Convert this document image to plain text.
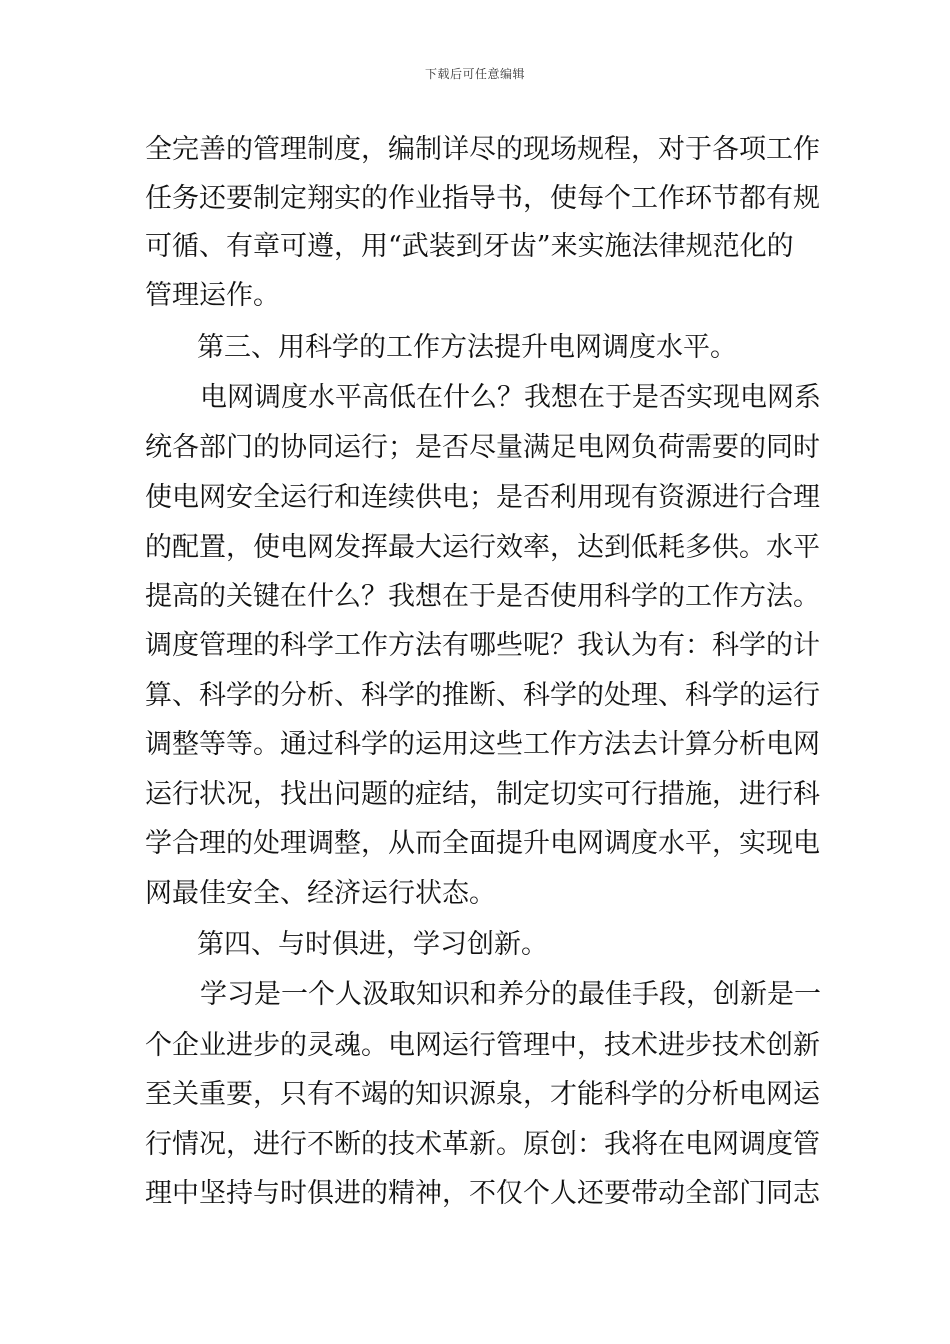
下载后可任意编辑
全完善的管理制度，编制详尽的现场规程，对于各项工作
任务还要制定翔实的作业指导书，使每个工作环节都有规
可循、有章可遵，用“武装到牙齿”来实施法律规范化的
管理运作。
第三、用科学的工作方法提升电网调度水平。
电网调度水平高低在什么？我想在于是否实现电网系
统各部门的协同运行；是否尽量满足电网负荷需要的同时
使电网安全运行和连续供电；是否利用现有资源进行合理
的配置，使电网发挥最大运行效率，达到低耗多供。水平
提高的关键在什么？我想在于是否使用科学的工作方法。
调度管理的科学工作方法有哪些呢？我认为有：科学的计
算、科学的分析、科学的推断、科学的处理、科学的运行
调整等等。通过科学的运用这些工作方法去计算分析电网
运行状况，找出问题的症结，制定切实可行措施，进行科
学合理的处理调整，从而全面提升电网调度水平，实现电
网最佳安全、经济运行状态。
第四、与时俱进，学习创新。
学习是一个人汲取知识和养分的最佳手段，创新是一
个企业进步的灵魂。电网运行管理中，技术进步技术创新
至关重要，只有不竭的知识源泉，才能科学的分析电网运
行情况，进行不断的技术革新。原创：我将在电网调度管
理中坚持与时俱进的精神，不仅个人还要带动全部门同志
